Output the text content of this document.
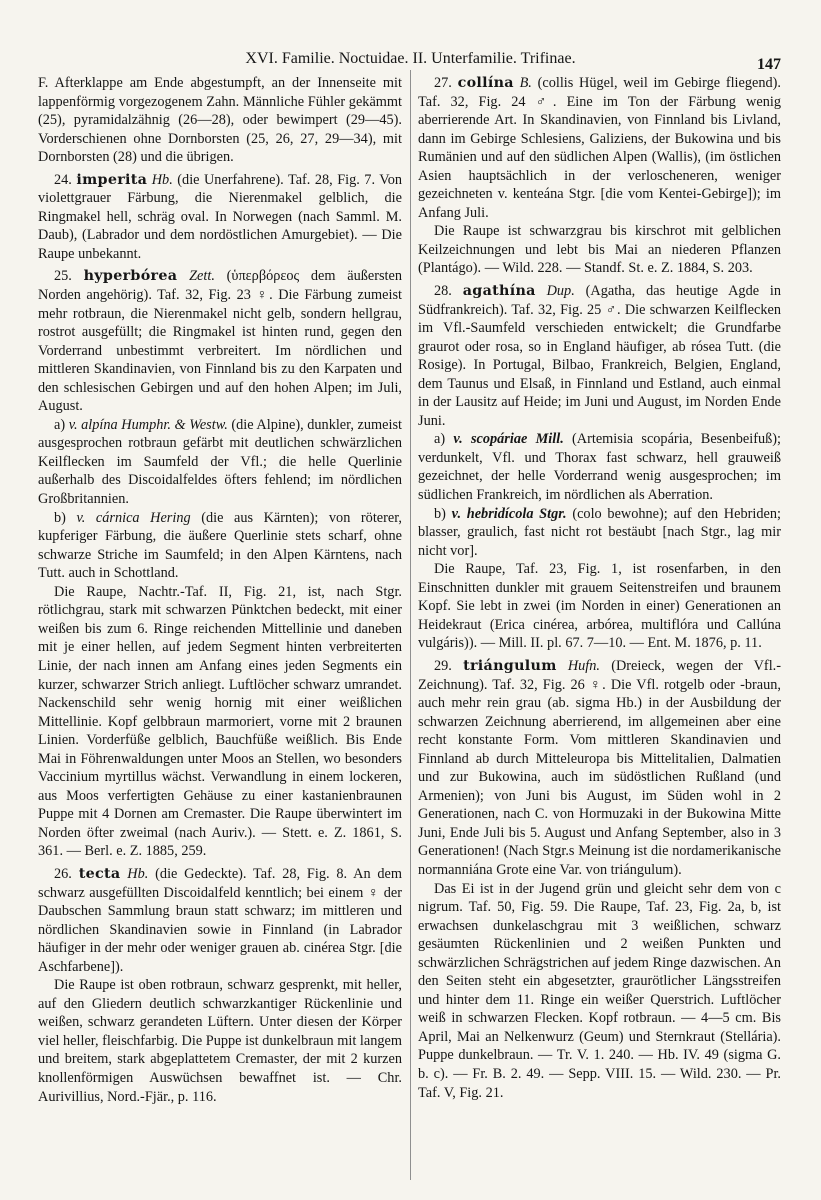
XVI. Familie. Noctuidae. II. Unterfamilie. Trifinae.	147

F. Afterklappe am Ende abgestumpft, an der Innenseite mit lappenförmig vorgezogenem Zahn. Männliche Fühler gekämmt (25), pyramidalzähnig (26—28), oder bewimpert (29—45). Vorderschienen ohne Dornborsten (25, 26, 27, 29—34), mit Dornborsten (28) und die übrigen.

24. imperita Hb. (die Unerfahrene). Taf. 28, Fig. 7. Von violettgrauer Färbung, die Nierenmakel gelblich, die Ringmakel hell, schräg oval. In Norwegen (nach Samml. M. Daub), (Labrador und dem nordöstlichen Amurgebiet). — Die Raupe unbekannt.

25. hyperbórea Zett. (ὑπερβόρεος dem äußersten Norden angehörig). Taf. 32, Fig. 23 ♀. Die Färbung zumeist mehr rotbraun, die Nierenmakel nicht gelb, sondern hellgrau, rostrot ausgefüllt; die Ringmakel ist hinten rund, gegen den Vorderrand unbestimmt verbreitert. Im nördlichen und mittleren Skandinavien, von Finnland bis zu den Karpaten und den schlesischen Gebirgen und auf den hohen Alpen; im Juli, August.

a) v. alpína Humphr. & Westw. (die Alpine), dunkler, zumeist ausgesprochen rotbraun gefärbt mit deutlichen schwärzlichen Keilflecken im Saumfeld der Vfl.; die helle Querlinie außerhalb des Discoidalfeldes öfters fehlend; im nördlichen Großbritannien.

b) v. cárnica Hering (die aus Kärnten); von röterer, kupferiger Färbung, die äußere Querlinie stets scharf, ohne schwarze Striche im Saumfeld; in den Alpen Kärntens, nach Tutt. auch in Schottland.

Die Raupe, Nachtr.-Taf. II, Fig. 21, ist, nach Stgr. rötlichgrau, stark mit schwarzen Pünktchen bedeckt, mit einer weißen bis zum 6. Ringe reichenden Mittellinie und daneben mit je einer hellen, auf jedem Segment hinten verbreiterten Linie, der nach innen am Anfang eines jeden Segments ein kurzer, schwarzer Strich anliegt. Luftlöcher schwarz umrandet. Nackenschild sehr wenig hornig mit einer weißlichen Mittellinie. Kopf gelbbraun marmoriert, vorne mit 2 braunen Linien. Vorderfüße gelblich, Bauchfüße weißlich. Bis Ende Mai in Föhrenwaldungen unter Moos an Stellen, wo besonders Vaccinium myrtillus wächst. Verwandlung in einem lockeren, aus Moos verfertigten Gehäuse zu einer kastanienbraunen Puppe mit 4 Dornen am Cremaster. Die Raupe überwintert im Norden öfter zweimal (nach Auriv.). — Stett. e. Z. 1861, S. 361. — Berl. e. Z. 1885, 259.

26. tecta Hb. (die Gedeckte). Taf. 28, Fig. 8. An dem schwarz ausgefüllten Discoidalfeld kenntlich; bei einem ♀ der Daubschen Sammlung braun statt schwarz; im mittleren und nördlichen Skandinavien sowie in Finnland (in Labrador häufiger in der mehr oder weniger grauen ab. cinérea Stgr. [die Aschfarbene]).

Die Raupe ist oben rotbraun, schwarz gesprenkt, mit heller, auf den Gliedern deutlich schwarzkantiger Rückenlinie und weißen, schwarz gerandeten Lüftern. Unter diesen der Körper viel heller, fleischfarbig. Die Puppe ist dunkelbraun mit langem und breitem, stark abgeplattetem Cremaster, der mit 2 kurzen knollenförmigen Auswüchsen bewaffnet ist. — Chr. Aurivillius, Nord.-Fjär., p. 116.

27. collína B. (collis Hügel, weil im Gebirge fliegend). Taf. 32, Fig. 24 ♂. Eine im Ton der Färbung wenig aberrierende Art. In Skandinavien, von Finnland bis Livland, dann im Gebirge Schlesiens, Galiziens, der Bukowina und bis Rumänien und auf den südlichen Alpen (Wallis), (im östlichen Asien hauptsächlich in der verloscheneren, weniger gezeichneten v. kenteána Stgr. [die vom Kentei-Gebirge]); im Anfang Juli.

Die Raupe ist schwarzgrau bis kirschrot mit gelblichen Keilzeichnungen und lebt bis Mai an niederen Pflanzen (Plantágo). — Wild. 228. — Standf. St. e. Z. 1884, S. 203.

28. agathína Dup. (Agatha, das heutige Agde in Südfrankreich). Taf. 32, Fig. 25 ♂. Die schwarzen Keilflecken im Vfl.-Saumfeld verschieden entwickelt; die Grundfarbe graurot oder rosa, so in England häufiger, ab rósea Tutt. (die Rosige). In Portugal, Bilbao, Frankreich, Belgien, England, dem Taunus und Elsaß, in Finnland und Estland, auch einmal in der Lausitz auf Heide; im Juni und August, im Norden Ende Juni.

a) v. scopáriae Mill. (Artemisia scopária, Besenbeifuß); verdunkelt, Vfl. und Thorax fast schwarz, hell grauweiß gezeichnet, der helle Vorderrand wenig ausgesprochen; im südlichen Frankreich, im nördlichen als Aberration.

b) v. hebridícola Stgr. (colo bewohne); auf den Hebriden; blasser, graulich, fast nicht rot bestäubt [nach Stgr., lag mir nicht vor].

Die Raupe, Taf. 23, Fig. 1, ist rosenfarben, in den Einschnitten dunkler mit grauem Seitenstreifen und braunem Kopf. Sie lebt in zwei (im Norden in einer) Generationen an Heidekraut (Erica cinérea, arbórea, multiflóra und Callúna vulgáris)). — Mill. II. pl. 67. 7—10. — Ent. M. 1876, p. 11.

29. triángulum Hufn. (Dreieck, wegen der Vfl.-Zeichnung). Taf. 32, Fig. 26 ♀. Die Vfl. rotgelb oder -braun, auch mehr rein grau (ab. sigma Hb.) in der Ausbildung der schwarzen Zeichnung aberrierend, im allgemeinen aber eine recht konstante Form. Vom mittleren Skandinavien und Finnland ab durch Mitteleuropa bis Mittelitalien, Dalmatien und zur Bukowina, auch im südöstlichen Rußland (und Armenien); von Juni bis August, im Süden wohl in 2 Generationen, nach C. von Hormuzaki in der Bukowina Mitte Juni, Ende Juli bis 5. August und Anfang September, also in 3 Generationen! (Nach Stgr.s Meinung ist die nordamerikanische normanniána Grote eine Var. von triángulum).

Das Ei ist in der Jugend grün und gleicht sehr dem von c nigrum. Taf. 50, Fig. 59. Die Raupe, Taf. 23, Fig. 2a, b, ist erwachsen dunkelaschgrau mit 3 weißlichen, schwarz gesäumten Rückenlinien und 2 weißen Punkten und schwärzlichen Schrägstrichen auf jedem Ringe dazwischen. An den Seiten steht ein abgesetzter, graurötlicher Längsstreifen und hinter dem 11. Ringe ein weißer Querstrich. Luftlöcher weiß in schwarzen Flecken. Kopf rotbraun. — 4—5 cm. Bis April, Mai an Nelkenwurz (Geum) und Sternkraut (Stellária). Puppe dunkelbraun. — Tr. V. 1. 240. — Hb. IV. 49 (sigma G. b. c). — Fr. B. 2. 49. — Sepp. VIII. 15. — Wild. 230. — Pr. Taf. V, Fig. 21.
